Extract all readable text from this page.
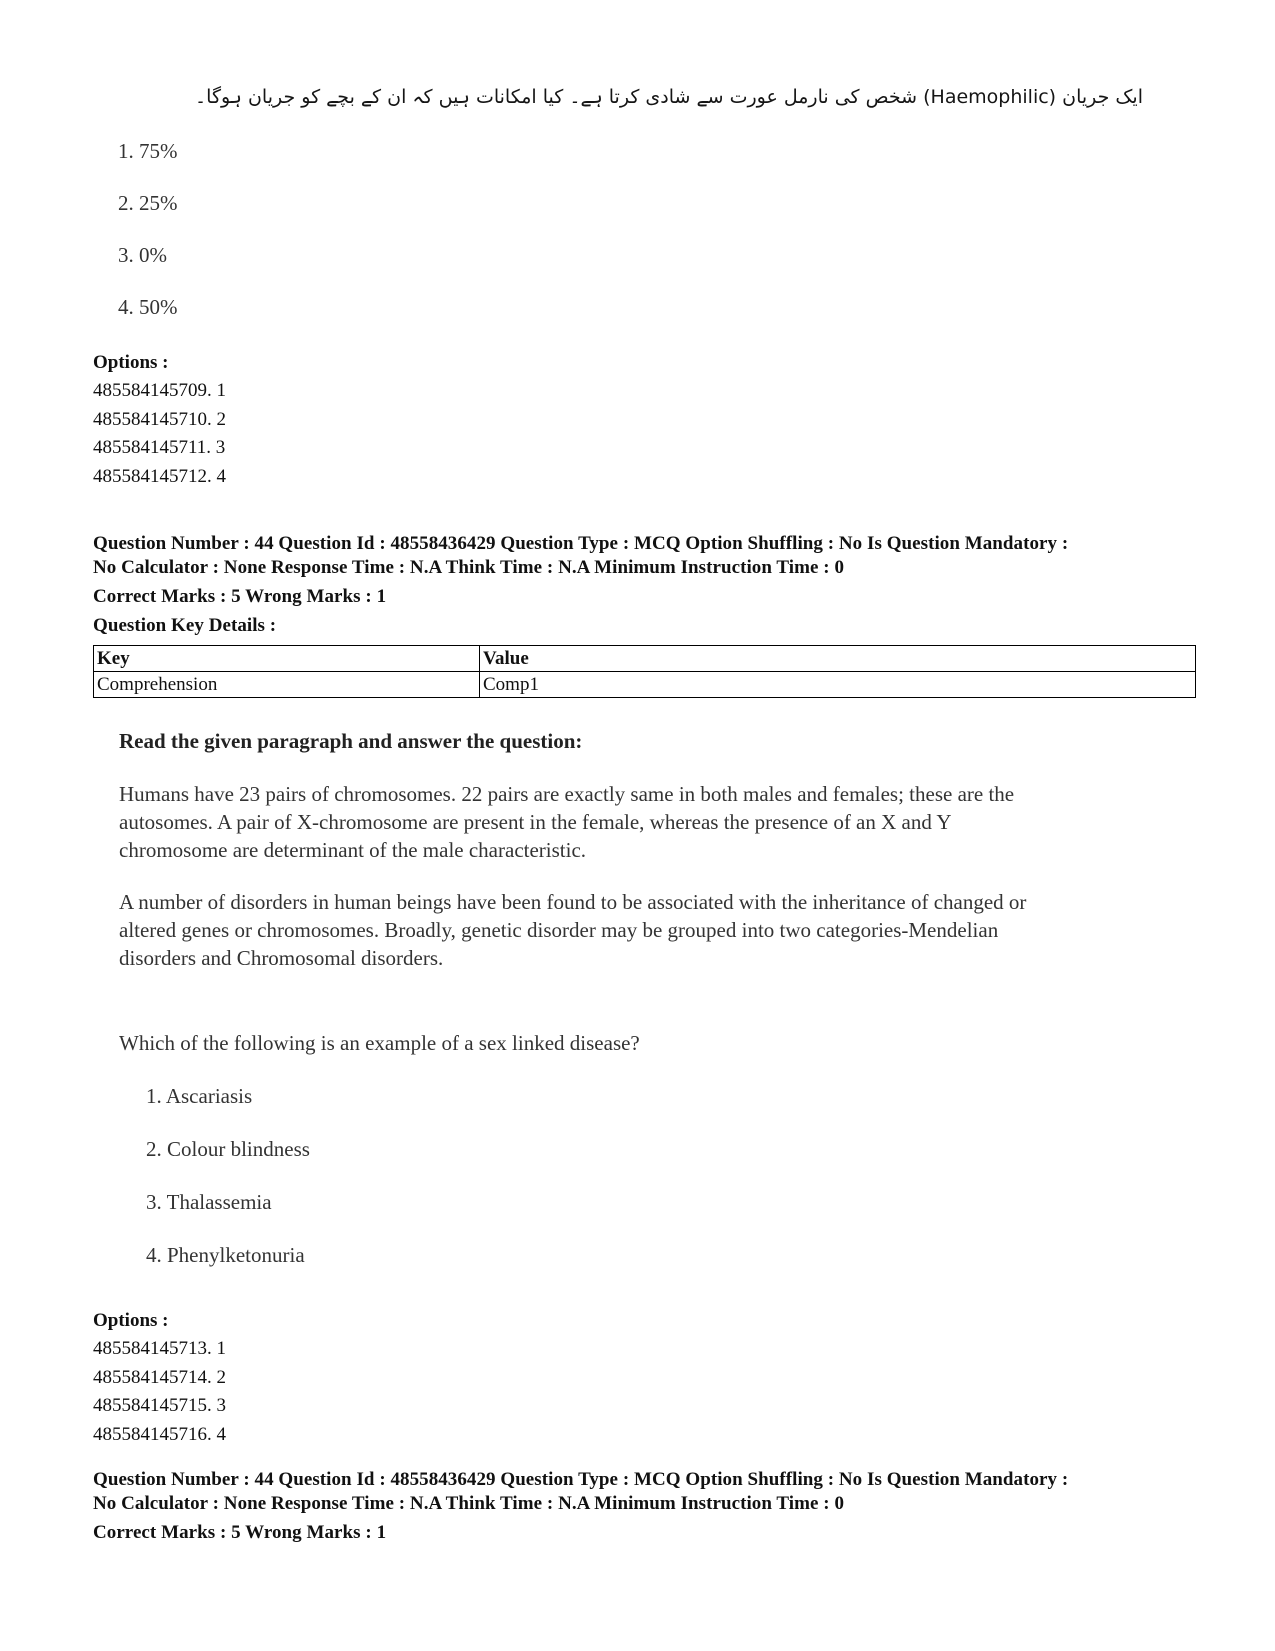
ایک جریان (Haemophilic) شخص کی نارمل عورت سے شادی کرتا ہے۔ کیا امکانات ہیں کہ ان کے بچے کو جریان ہوگا۔
1. 75%
2. 25%
3. 0%
4. 50%
Options :
485584145709. 1
485584145710. 2
485584145711. 3
485584145712. 4
Question Number : 44 Question Id : 48558436429 Question Type : MCQ Option Shuffling : No Is Question Mandatory :
No Calculator : None Response Time : N.A Think Time : N.A Minimum Instruction Time : 0
Correct Marks : 5 Wrong Marks : 1
Question Key Details :
Key	Value
Comprehension	Comp1
Read the given paragraph and answer the question:
Humans have 23 pairs of chromosomes. 22 pairs are exactly same in both males and females; these are the
autosomes. A pair of X-chromosome are present in the female, whereas the presence of an X and Y
chromosome are determinant of the male characteristic.
A number of disorders in human beings have been found to be associated with the inheritance of changed or
altered genes or chromosomes. Broadly, genetic disorder may be grouped into two categories-Mendelian
disorders and Chromosomal disorders.
Which of the following is an example of a sex linked disease?
1. Ascariasis
2. Colour blindness
3. Thalassemia
4. Phenylketonuria
Options :
485584145713. 1
485584145714. 2
485584145715. 3
485584145716. 4
Question Number : 44 Question Id : 48558436429 Question Type : MCQ Option Shuffling : No Is Question Mandatory :
No Calculator : None Response Time : N.A Think Time : N.A Minimum Instruction Time : 0
Correct Marks : 5 Wrong Marks : 1
